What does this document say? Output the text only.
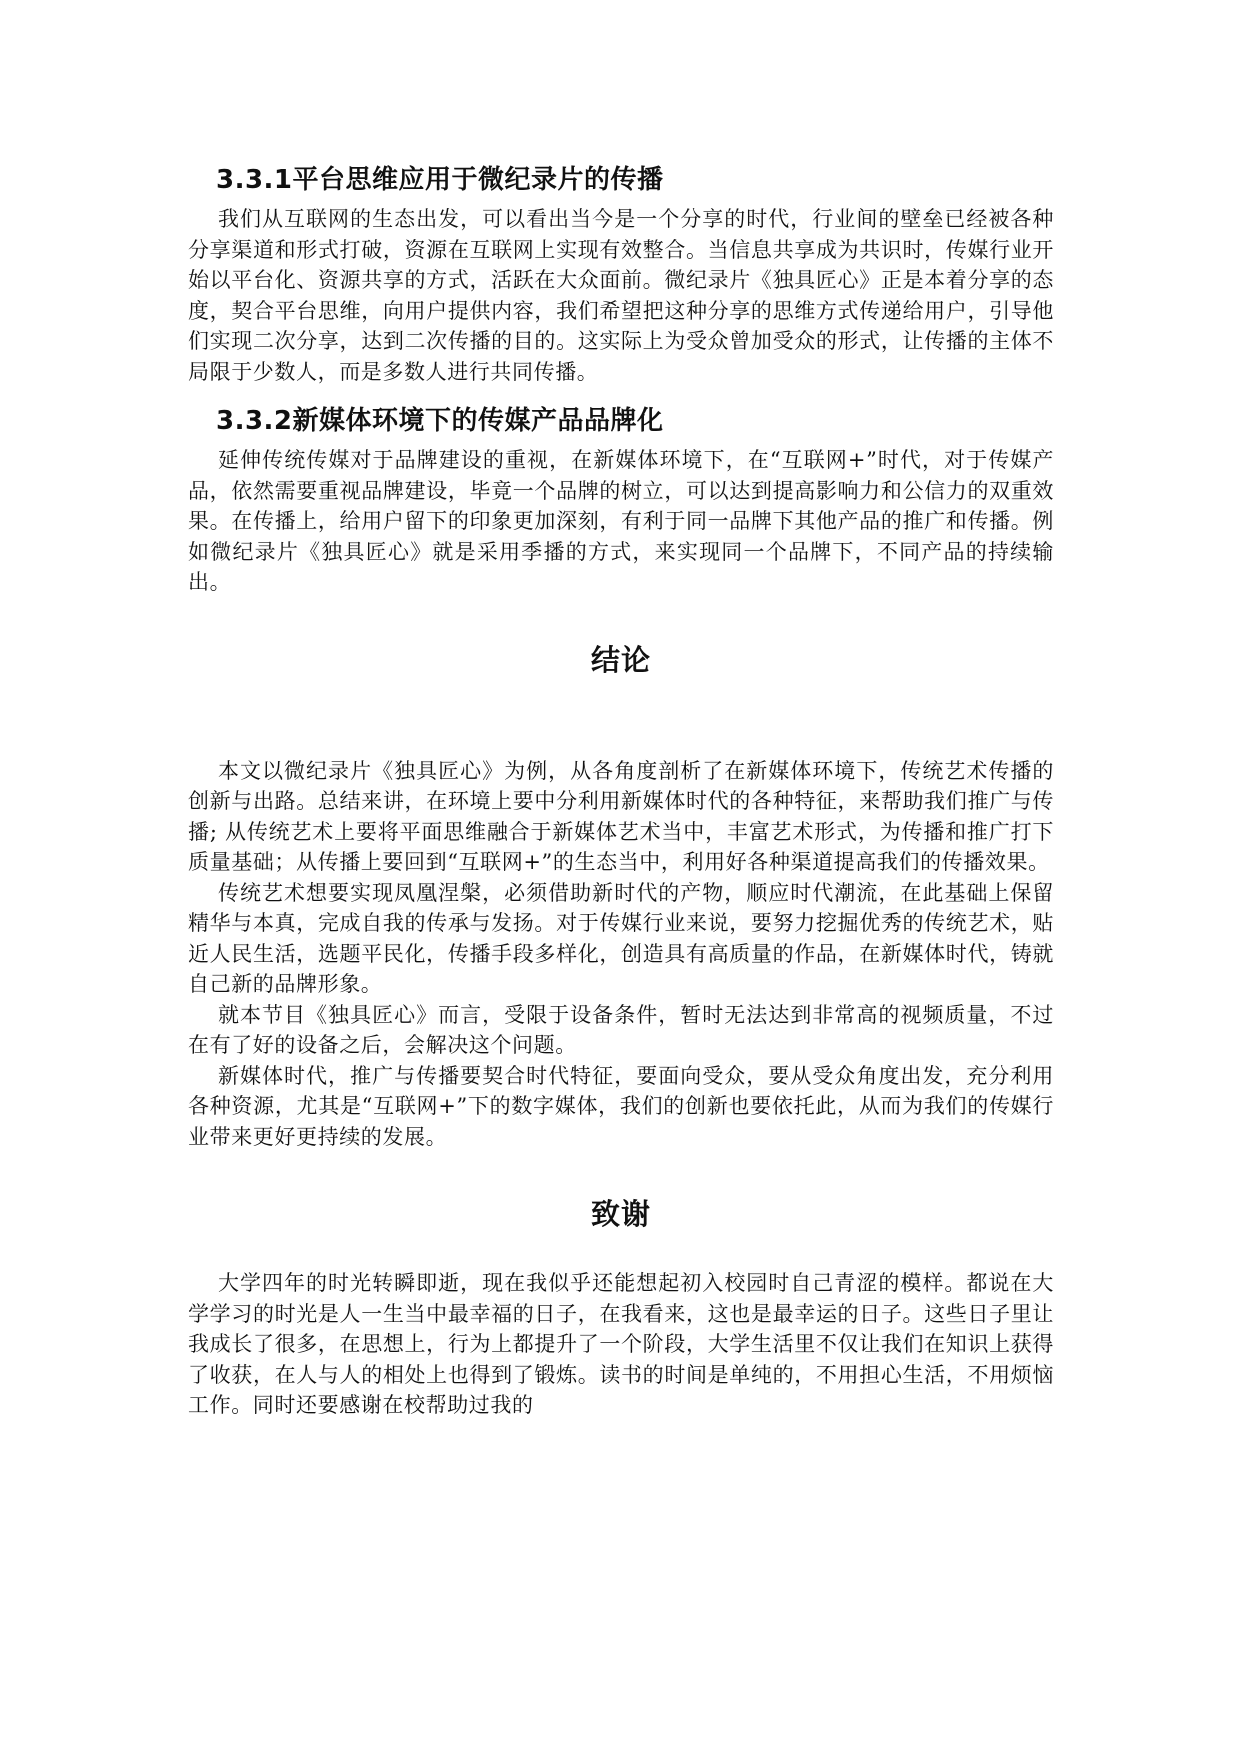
3.3.1平台思维应用于微纪录片的传播

我们从互联网的生态出发，可以看出当今是一个分享的时代，行业间的壁垒已经被各种分享渠道和形式打破，资源在互联网上实现有效整合。当信息共享成为共识时，传媒行业开始以平台化、资源共享的方式，活跃在大众面前。微纪录片《独具匠心》正是本着分享的态度，契合平台思维，向用户提供内容，我们希望把这种分享的思维方式传递给用户，引导他们实现二次分享，达到二次传播的目的。这实际上为受众曾加受众的形式，让传播的主体不局限于少数人，而是多数人进行共同传播。

3.3.2新媒体环境下的传媒产品品牌化

延伸传统传媒对于品牌建设的重视，在新媒体环境下，在“互联网+”时代，对于传媒产品，依然需要重视品牌建设，毕竟一个品牌的树立，可以达到提高影响力和公信力的双重效果。在传播上，给用户留下的印象更加深刻，有利于同一品牌下其他产品的推广和传播。例如微纪录片《独具匠心》就是采用季播的方式，来实现同一个品牌下，不同产品的持续输出。

结论

本文以微纪录片《独具匠心》为例，从各角度剖析了在新媒体环境下，传统艺术传播的创新与出路。总结来讲，在环境上要中分利用新媒体时代的各种特征，来帮助我们推广与传播; 从传统艺术上要将平面思维融合于新媒体艺术当中，丰富艺术形式，为传播和推广打下质量基础；从传播上要回到“互联网+”的生态当中，利用好各种渠道提高我们的传播效果。

传统艺术想要实现凤凰涅槃，必须借助新时代的产物，顺应时代潮流，在此基础上保留精华与本真，完成自我的传承与发扬。对于传媒行业来说，要努力挖掘优秀的传统艺术，贴近人民生活，选题平民化，传播手段多样化，创造具有高质量的作品，在新媒体时代，铸就自己新的品牌形象。

就本节目《独具匠心》而言，受限于设备条件，暂时无法达到非常高的视频质量，不过在有了好的设备之后，会解决这个问题。

新媒体时代，推广与传播要契合时代特征，要面向受众，要从受众角度出发，充分利用各种资源，尤其是“互联网+”下的数字媒体，我们的创新也要依托此，从而为我们的传媒行业带来更好更持续的发展。

致谢

大学四年的时光转瞬即逝，现在我似乎还能想起初入校园时自己青涩的模样。都说在大学学习的时光是人一生当中最幸福的日子，在我看来，这也是最幸运的日子。这些日子里让我成长了很多，在思想上，行为上都提升了一个阶段，大学生活里不仅让我们在知识上获得了收获，在人与人的相处上也得到了锻炼。读书的时间是单纯的，不用担心生活，不用烦恼工作。同时还要感谢在校帮助过我的
